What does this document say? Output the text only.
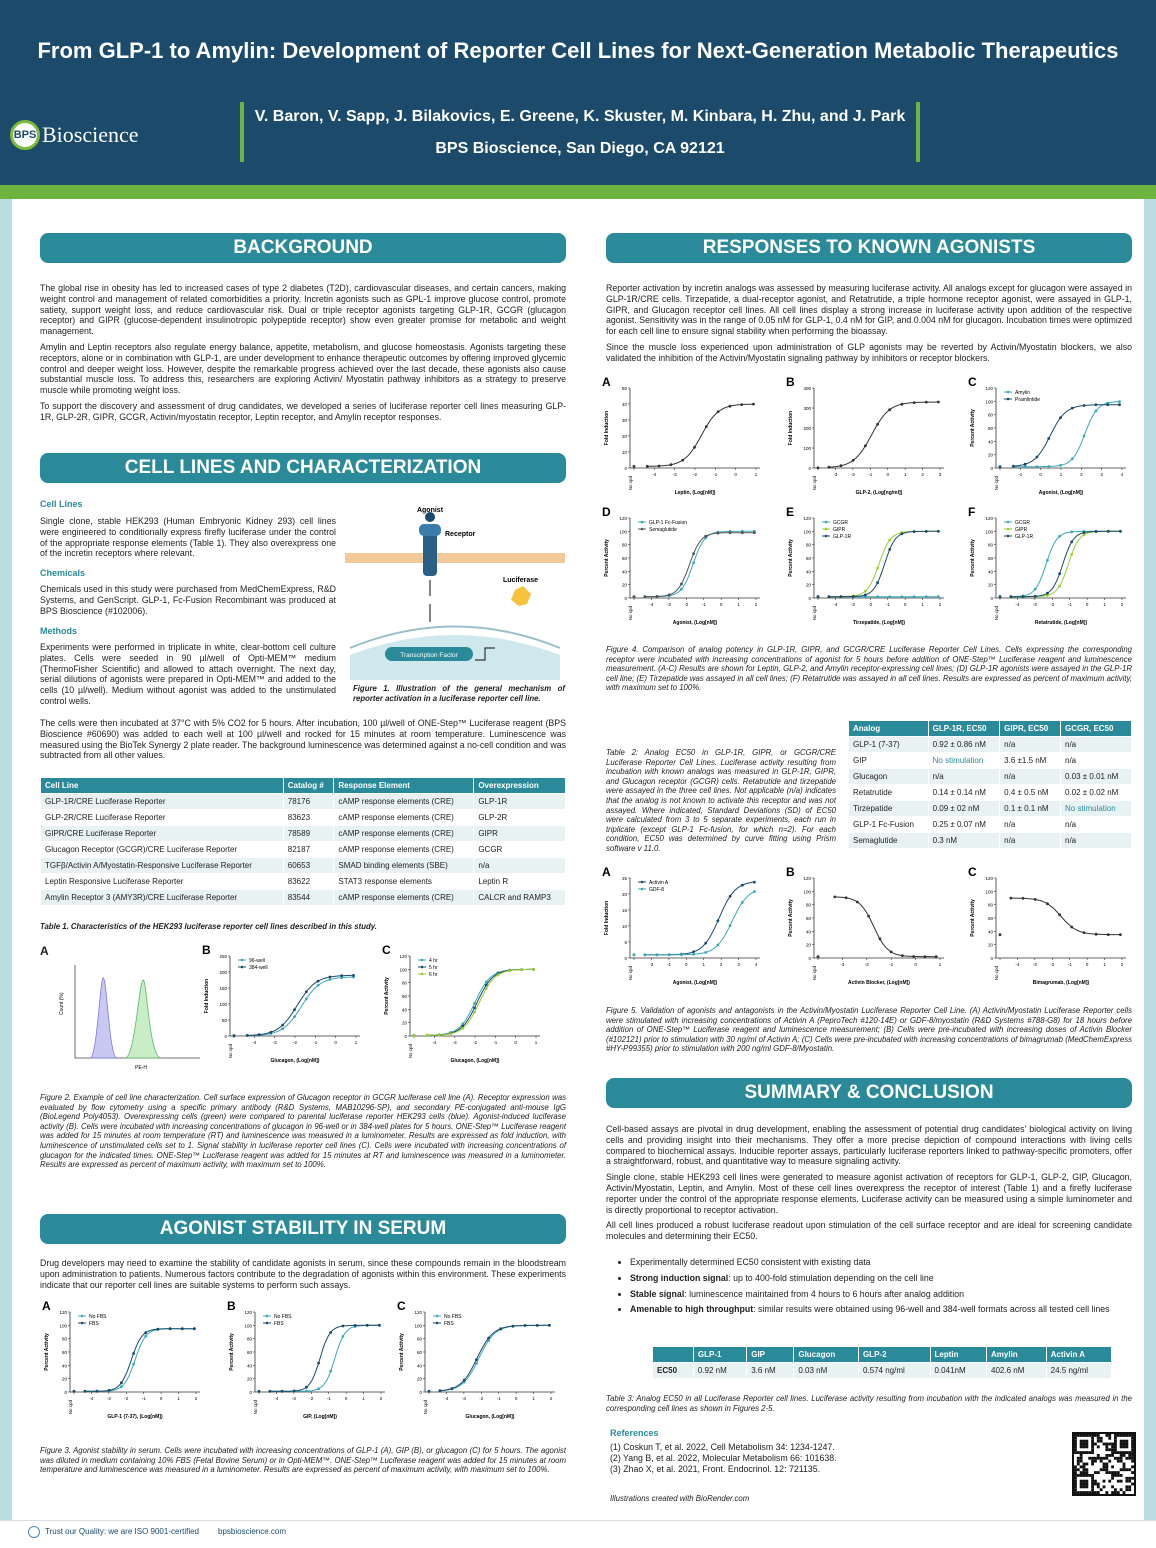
From GLP-1 to Amylin: Development of Reporter Cell Lines for Next-Generation Metabolic Therapeutics
BPS Bioscience
V. Baron, V. Sapp, J. Bilakovics, E. Greene, K. Skuster, M. Kinbara, H. Zhu, and J. Park
BPS Bioscience, San Diego, CA 92121
BACKGROUND

The global rise in obesity has led to increased cases of type 2 diabetes (T2D), cardiovascular diseases, and certain cancers, making weight control and management of related comorbidities a priority. Incretin agonists such as GPL-1 improve glucose control, promote satiety, support weight loss, and reduce cardiovascular risk. Dual or triple receptor agonists targeting GLP-1R, GCGR (glucagon receptor) and GIPR (glucose-dependent insulinotropic polypeptide receptor) show even greater promise for metabolic and weight management.

Amylin and Leptin receptors also regulate energy balance, appetite, metabolism, and glucose homeostasis. Agonists targeting these receptors, alone or in combination with GLP-1, are under development to enhance therapeutic outcomes by offering improved glycemic control and deeper weight loss. However, despite the remarkable progress achieved over the last decade, these agonists also cause substantial muscle loss. To address this, researchers are exploring Activin/ Myostatin pathway inhibitors as a strategy to preserve muscle while promoting weight loss.

To support the discovery and assessment of drug candidates, we developed a series of luciferase reporter cell lines measuring GLP-1R, GLP-2R, GIPR, GCGR, Activin/myostatin receptor, Leptin receptor, and Amylin receptor responses.

CELL LINES AND CHARACTERIZATION
Cell Lines
Single clone, stable HEK293 (Human Embryonic Kidney 293) cell lines were engineered to conditionally express firefly luciferase under the control of the appropriate response elements (Table 1). They also overexpress one of the incretin receptors where relevant.
Chemicals
Chemicals used in this study were purchased from MedChemExpress, R&D Systems, and GenScript. GLP-1, Fc-Fusion Recombinant was produced at BPS Bioscience (#102006).
Methods
Experiments were performed in triplicate in white, clear-bottom cell culture plates. Cells were seeded in 90 µl/well of Opti-MEM™ medium (ThermoFisher Scientific) and allowed to attach overnight. The next day, serial dilutions of agonists were prepared in Opti-MEM™ and added to the cells (10 µl/well). Medium without agonist was added to the unstimulated control wells.
Transcription Factor
Agonist
Receptor
Luciferase
Figure 1. Illustration of the general mechanism of reporter activation in a luciferase reporter cell line.
The cells were then incubated at 37°C with 5% CO2 for 5 hours. After incubation, 100 µl/well of ONE-Step™ Luciferase reagent (BPS Bioscience #60690) was added to each well at 100 µl/well and rocked for 15 minutes at room temperature. Luminescence was measured using the BioTek Synergy 2 plate reader. The background luminescence was determined against a no-cell condition and was subtracted from all other values.
Cell Line	Catalog #	Response Element	Overexpression
GLP-1R/CRE Luciferase Reporter	78176	cAMP response elements (CRE)	GLP-1R
GLP-2R/CRE Luciferase Reporter	83623	cAMP response elements (CRE)	GLP-2R
GIPR/CRE Luciferase Reporter	78589	cAMP response elements (CRE)	GIPR
Glucagon Receptor (GCGR)/CRE Luciferase Reporter	82187	cAMP response elements (CRE)	GCGR
TGFβ/Activin A/Myostatin-Responsive Luciferase Reporter	60653	SMAD binding elements (SBE)	n/a
Leptin Responsive Luciferase Reporter	83622	STAT3 response elements	Leptin R
Amylin Receptor 3 (AMY3R)/CRE Luciferase Reporter	83544	cAMP response elements (CRE)	CALCR and RAMP3
Table 1. Characteristics of the HEK293 luciferase reporter cell lines described in this study.
A
Count (%)
PE-H
B
0
50
100
150
200
250
No cpd
-4	-3	-2	-1	0	1
Glucagon, (Log[nM])
Fold Induction
96-well
384-well
C
0
20
40
60
80
100
120
No cpd
-4	-3	-2	-1	0	1
Glucagon, (Log[nM])
Percent Activity
4 hr
5 hr
6 hr
Figure 2. Example of cell line characterization. Cell surface expression of Glucagon receptor in GCGR luciferase cell line (A). Receptor expression was evaluated by flow cytometry using a specific primary antibody (R&D Systems, MAB10296-SP), and secondary PE-conjugated anti-mouse IgG (BioLegend Poly4053). Overexpressing cells (green) were compared to parental luciferase reporter HEK293 cells (blue). Agonist-induced luciferase activity (B). Cells were incubated with increasing concentrations of glucagon in 96-well or in 384-well plates for 5 hours. ONE-Step™ Luciferase reagent was added for 15 minutes at room temperature (RT) and luminescence was measured in a luminometer. Results are expressed as fold induction, with luminescence of unstimulated cells set to 1. Signal stability in luciferase reporter cell lines (C). Cells were incubated with increasing concentrations of glucagon for the indicated times. ONE-Step™ Luciferase reagent was added for 15 minutes at RT and luminescence was measured in a luminometer. Results are expressed as percent of maximum activity, with maximum set to 100%.
AGONIST STABILITY IN SERUM
Drug developers may need to examine the stability of candidate agonists in serum, since these compounds remain in the bloodstream upon administration to patients. Numerous factors contribute to the degradation of agonists within this environment. These experiments indicate that our reporter cell lines are suitable systems to perform such assays.
A
0
20
40
60
80
100
120
No cpd
-4	-3	-2	-1	0	1	2
GLP-1 (7-37), (Log[nM])
Percent Activity
No FBS
FBS
B
0
20
40
60
80
100
120
No cpd
-4	-3	-2	-1	0	1	2
GIP, (Log[nM])
Percent Activity
No FBS
FBS
C
0
20
40
60
80
100
120
No cpd
-4	-3	-2	-1	0	1	2
Glucagon, (Log[nM])
Percent Activity
No FBS
FBS
Figure 3. Agonist stability in serum. Cells were incubated with increasing concentrations of GLP-1 (A), GIP (B), or glucagon (C) for 5 hours. The agonist was diluted in medium containing 10% FBS (Fetal Bovine Serum) or in Opti-MEM™. ONE-Step™ Luciferase reagent was added for 15 minutes at room temperature and luminescence was measured in a luminometer. Results are expressed as percent of maximum activity, with maximum set to 100%.
RESPONSES TO KNOWN AGONISTS

Reporter activation by incretin analogs was assessed by measuring luciferase activity. All analogs except for glucagon were assayed in GLP-1R/CRE cells. Tirzepatide, a dual-receptor agonist, and Retatrutide, a triple hormone receptor agonist, were assayed in GLP-1, GIPR, and Glucagon receptor cell lines. All cell lines display a strong increase in luciferase activity upon addition of the respective agonist. Sensitivity was in the range of 0.05 nM for GLP-1, 0.4 nM for GIP, and 0.004 nM for glucagon. Incubation times were optimized for each cell line to ensure signal stability when performing the bioassay.

Since the muscle loss experienced upon administration of GLP agonists may be reverted by Activin/Myostatin blockers, we also validated the inhibition of the Activin/Myostatin signaling pathway by inhibitors or receptor blockers.

A
0
10
20
30
40
50
No cpd
-4	-3	-2	-1	0	1
Leptin, (Log[nM])
Fold Induction
B
0
100
200
300
400
No cpd
-3	-2	-1	0	1	2	3
GLP-2, (Log[ng/ml])
Fold Induction
C
0
20
40
60
80
100
120
No cpd
-1	0	1	2	3	4
Agonist, (Log[nM])
Percent Activity
Amylin
Pramlintide
D
0
20
40
60
80
100
120
No cpd
-4	-3	-2	-1	0	1	2
Agonist, (Log[nM])
Percent Activity
GLP-1 Fc-Fusion
Semaglutide
E
0
20
40
60
80
100
120
No cpd
-4	-3	-2	-1	0	1	2
Tirzepatide, (Log[nM])
Percent Activity
GCGR
GIPR
GLP-1R
F
0
20
40
60
80
100
120
No cpd
-4	-3	-2	-1	0	1	2
Retatrutide, (Log[nM])
Percent Activity
GCGR
GIPR
GLP-1R
Figure 4. Comparison of analog potency in GLP-1R, GIPR, and GCGR/CRE Luciferase Reporter Cell Lines. Cells expressing the corresponding receptor were incubated with increasing concentrations of agonist for 5 hours before addition of ONE-Step™ Luciferase reagent and luminescence measurement. (A-C) Results are shown for Leptin, GLP-2, and Amylin receptor-expressing cell lines; (D) GLP-1R agonists were assayed in the GLP-1R cell line; (E) Tirzepatide was assayed in all cell lines; (F) Retatrutide was assayed in all cell lines. Results are expressed as percent of maximum activity, with maximum set to 100%.
Table 2: Analog EC50 in GLP-1R, GIPR, or GCGR/CRE Luciferase Reporter Cell Lines. Luciferase activity resulting from incubation with known analogs was measured in GLP-1R, GIPR, and Glucagon receptor (GCGR) cells. Retatrutide and tirzepatide were assayed in the three cell lines. Not applicable (n/a) indicates that the analog is not known to activate this receptor and was not assayed. Where indicated, Standard Deviations (SD) of EC50 were calculated from 3 to 5 separate experiments, each run in triplicate (except GLP-1 Fc-fusion, for which n=2). For each condition, EC50 was determined by curve fitting using Prism software v 11.0.
Analog	GLP-1R, EC50	GIPR, EC50	GCGR, EC50
GLP-1 (7-37)	0.92 ± 0.86 nM	n/a	n/a
GIP	No stimulation	3.6 ±1.5 nM	n/a
Glucagon	n/a	n/a	0.03 ± 0.01 nM
Retatrutide	0.14 ± 0.14 nM	0.4 ± 0.5 nM	0.02 ± 0.02 nM
Tirzepatide	0.09 ± 02 nM	0.1 ± 0.1 nM	No stimulation
GLP-1 Fc-Fusion	0.25 ± 0.07 nM	n/a	n/a
Semaglutide	0.3 nM	n/a	n/a
A
0
5
10
15
20
25
No cpd
-2	-1	0	1	2	3	4
Agonist, (Log[nM])
Fold Induction
Activin A
GDF-8
B
0
20
40
60
80
100
120
No cpd
-3	-2	-1	0	1
Activin Blocker, (Log[nM])
Percent Activity
C
0
20
40
60
80
100
120
No cpd
-4	-3	-2	-1	0	1	2
Bimagrumab, (Log[nM])
Percent Activity
Figure 5. Validation of agonists and antagonists in the Activin/Myostatin Luciferase Reporter Cell Line. (A) Activin/Myostatin Luciferase Reporter cells were stimulated with increasing concentrations of Activin A (PeproTech #120-14E) or GDF-8/myostatin (R&D Systems #788-G8) for 18 hours before addition of ONE-Step™ Luciferase reagent and luminescence measurement; (B) Cells were pre-incubated with increasing doses of Activin Blocker (#102121) prior to stimulation with 30 ng/ml of Activin A; (C) Cells were pre-incubated with increasing concentrations of bimagrumab (MedChemExpress #HY-P99355) prior to stimulation with 200 ng/ml GDF-8/Myostatin.
SUMMARY & CONCLUSION

Cell-based assays are pivotal in drug development, enabling the assessment of potential drug candidates' biological activity on living cells and providing insight into their mechanisms. They offer a more precise depiction of compound interactions with living cells compared to biochemical assays. Inducible reporter assays, particularly luciferase reporters linked to pathway-specific promoters, offer a straightforward, robust, and quantitative way to measure signaling activity.

Single clone, stable HEK293 cell lines were generated to measure agonist activation of receptors for GLP-1, GLP-2, GIP, Glucagon, Activin/Myostatin, Leptin, and Amylin. Most of these cell lines overexpress the receptor of interest (Table 1) and a firefly luciferase reporter under the control of the appropriate response elements. Luciferase activity can be measured using a simple luminometer and is directly proportional to receptor activation.

All cell lines produced a robust luciferase readout upon stimulation of the cell surface receptor and are ideal for screening candidate molecules and determining their EC50.

• Experimentally determined EC50 consistent with existing data
• Strong induction signal: up to 400-fold stimulation depending on the cell line
• Stable signal: luminescence maintained from 4 hours to 6 hours after analog addition
• Amenable to high throughput: similar results were obtained using 96-well and 384-well formats across all tested cell lines
	GLP-1	GIP	Glucagon	GLP-2	Leptin	Amylin	Activin A
EC50	0.92 nM	3.6 nM	0.03 nM	0.574 ng/ml	0.041nM	402.6 nM	24.5 ng/ml
Table 3: Analog EC50 in all Luciferase Reporter cell lines. Luciferase activity resulting from incubation with the indicated analogs was measured in the corresponding cell lines as shown in Figures 2-5.
References
(1) Coskun T, et al. 2022, Cell Metabolism 34: 1234-1247.
(2) Yang B, et al. 2022, Molecular Metabolism 66: 101638.
(3) Zhao X, et al. 2021, Front. Endocrinol. 12: 721135.
Illustrations created with BioRender.com
Trust our Quality: we are ISO 9001-certified bpsbioscience.com
